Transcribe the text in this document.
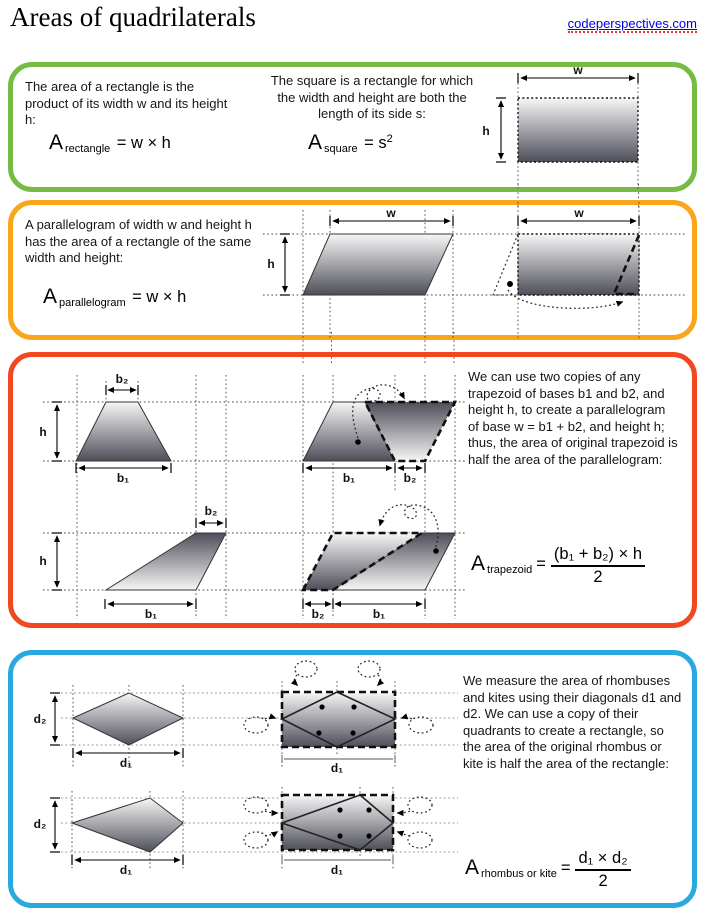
Areas of quadrilaterals	codeperspectives.com
The area of a rectangle is the product of its width w and its height h:
Arectangle = w × h
The square is a rectangle for which the width and height are both the length of its side s:
Asquare = $s^2$
w
h
A parallelogram of width w and height h has the area of a rectangle of the same width and height:
Aparallelogram = w × h
w
h
w
b₂
h
b₁	b₁	b₂
b₂
h
b₁	b₂	b₁
We can use two copies of any trapezoid of bases b1 and b2, and height h, to create a parallelogram of base w = b1 + b2, and height h; thus, the area of original trapezoid is half the area of the parallelogram:
Atrapezoid = $\frac{\text{(b₁ + b₂) × h}}{2}$
d₂
d₁	d₁
d₂
d₁	d₁
We measure the area of rhombuses and kites using their diagonals d1 and d2. We can use a copy of their quadrants to create a rectangle, so the area of the original rhombus or kite is half the area of the rectangle:
Arhombus or kite = $\frac{\text{d₁ × d₂}}{2}$
